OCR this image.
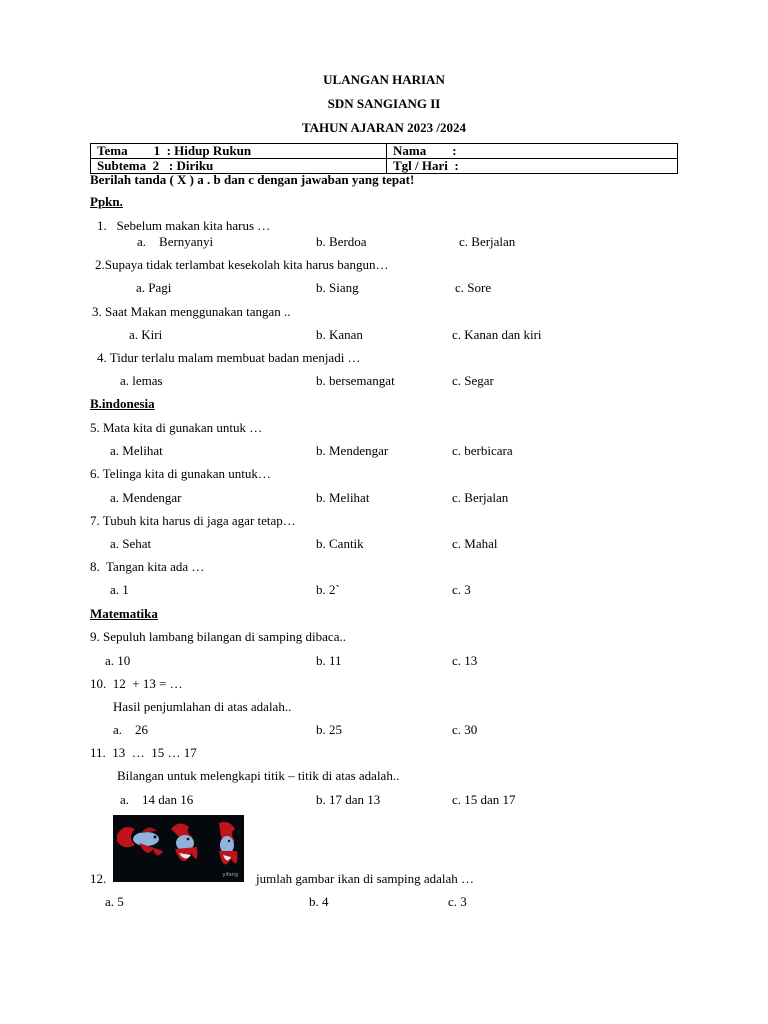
ULANGAN HARIAN
SDN SANGIANG II
TAHUN AJARAN 2023 /2024
Tema        1  : Hidup Rukun	Nama        :
Subtema  2   : Diriku	Tgl / Hari  :
Berilah tanda ( X ) a . b dan c dengan jawaban yang tepat!
Ppkn.
1.   Sebelum makan kita harus …
a.    Bernyanyi	b. Berdoa	c. Berjalan
2.Supaya tidak terlambat kesekolah kita harus bangun…
a. Pagi	b. Siang	c. Sore
3. Saat Makan menggunakan tangan ..
a. Kiri	b. Kanan	c. Kanan dan kiri
4. Tidur terlalu malam membuat badan menjadi …
a. lemas	b. bersemangat	c. Segar
B.indonesia
5. Mata kita di gunakan untuk …
a. Melihat	b. Mendengar	c. berbicara
6. Telinga kita di gunakan untuk…
a. Mendengar	b. Melihat	c. Berjalan
7. Tubuh kita harus di jaga agar tetap…
a. Sehat	b. Cantik	c. Mahal
8.  Tangan kita ada …
a. 1	b. 2`	c. 3
Matematika
9. Sepuluh lambang bilangan di samping dibaca..
a. 10	b. 11	c. 13
10.  12  + 13 = …
Hasil penjumlahan di atas adalah..
a.    26	b. 25	c. 30
11.  13  …  15 … 17
Bilangan untuk melengkapi titik – titik di atas adalah..
a.    14 dan 16	b. 17 dan 13	c. 15 dan 17
yifang
12.	jumlah gambar ikan di samping adalah …
a. 5	b. 4	c. 3
